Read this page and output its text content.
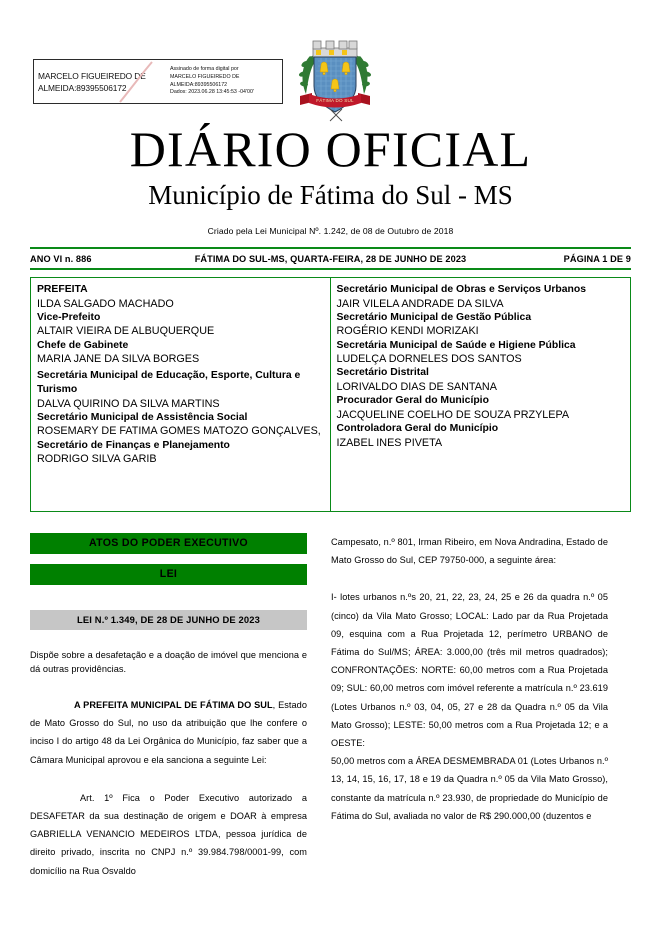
MARCELO FIGUEIREDO DE
ALMEIDA:89395506172
Assinado de forma digital por
MARCELO FIGUEIREDO DE
ALMEIDA:89395506172
Dados: 2023.06.28 13:45:53 -04'00'
FÁTIMA DO SUL
DIÁRIO OFICIAL
Município de Fátima do Sul - MS
Criado pela Lei Municipal Nº. 1.242, de 08 de Outubro de 2018
ANO VI n. 886	FÁTIMA DO SUL-MS, QUARTA-FEIRA, 28 DE JUNHO DE 2023	PÁGINA 1 DE 9
PREFEITA
ILDA SALGADO MACHADO
Vice-Prefeito
ALTAIR VIEIRA DE ALBUQUERQUE
Chefe de Gabinete
MARIA JANE DA SILVA BORGES
Secretária Municipal de Educação, Esporte, Cultura e Turismo
DALVA QUIRINO DA SILVA MARTINS
Secretário Municipal de Assistência Social
ROSEMARY DE FATIMA GOMES MATOZO GONÇALVES,
Secretário de Finanças e Planejamento
RODRIGO SILVA GARIB
Secretário Municipal de Obras e Serviços Urbanos
JAIR VILELA ANDRADE DA SILVA
Secretário Municipal de Gestão Pública
ROGÉRIO KENDI MORIZAKI
Secretária Municipal de Saúde e Higiene Pública
LUDELÇA DORNELES DOS SANTOS
Secretário Distrital
LORIVALDO DIAS DE SANTANA
Procurador Geral do Município
JACQUELINE COELHO DE SOUZA PRZYLEPA
Controladora Geral do Município
IZABEL INES PIVETA
ATOS DO PODER EXECUTIVO
LEI
LEI N.º 1.349, DE 28 DE JUNHO DE 2023

Dispõe sobre a desafetação e a doação de imóvel que menciona e dá outras providências.

A PREFEITA MUNICIPAL DE FÁTIMA DO SUL, Estado de Mato Grosso do Sul, no uso da atribuição que lhe confere o inciso I do artigo 48 da Lei Orgânica do Município, faz saber que a Câmara Municipal aprovou e ela sanciona a seguinte Lei:

Art. 1º Fica o Poder Executivo autorizado a DESAFETAR da sua destinação de origem e DOAR à empresa GABRIELLA VENANCIO MEDEIROS LTDA, pessoa jurídica de direito privado, inscrita no CNPJ n.º 39.984.798/0001-99, com domicílio na Rua Osvaldo

Campesato, n.º 801, Irman Ribeiro, em Nova Andradina, Estado de Mato Grosso do Sul, CEP 79750-000, a seguinte área:

I- lotes urbanos n.ºs 20, 21, 22, 23, 24, 25 e 26 da quadra n.º 05 (cinco) da Vila Mato Grosso; LOCAL: Lado par da Rua Projetada 09, esquina com a Rua Projetada 12, perímetro URBANO de Fátima do Sul/MS; ÁREA: 3.000,00 (três mil metros quadrados); CONFRONTAÇÕES: NORTE: 60,00 metros com a Rua Projetada 09; SUL: 60,00 metros com imóvel referente a matrícula n.º 23.619 (Lotes Urbanos n.º 03, 04, 05, 27 e 28 da Quadra n.º 05 da Vila Mato Grosso); LESTE: 50,00 metros com a Rua Projetada 12; e a OESTE:

50,00 metros com a ÁREA DESMEMBRADA 01 (Lotes Urbanos n.º 13, 14, 15, 16, 17, 18 e 19 da Quadra n.º 05 da Vila Mato Grosso), constante da matrícula n.º 23.930, de propriedade do Município de Fátima do Sul, avaliada no valor de R$ 290.000,00 (duzentos e
